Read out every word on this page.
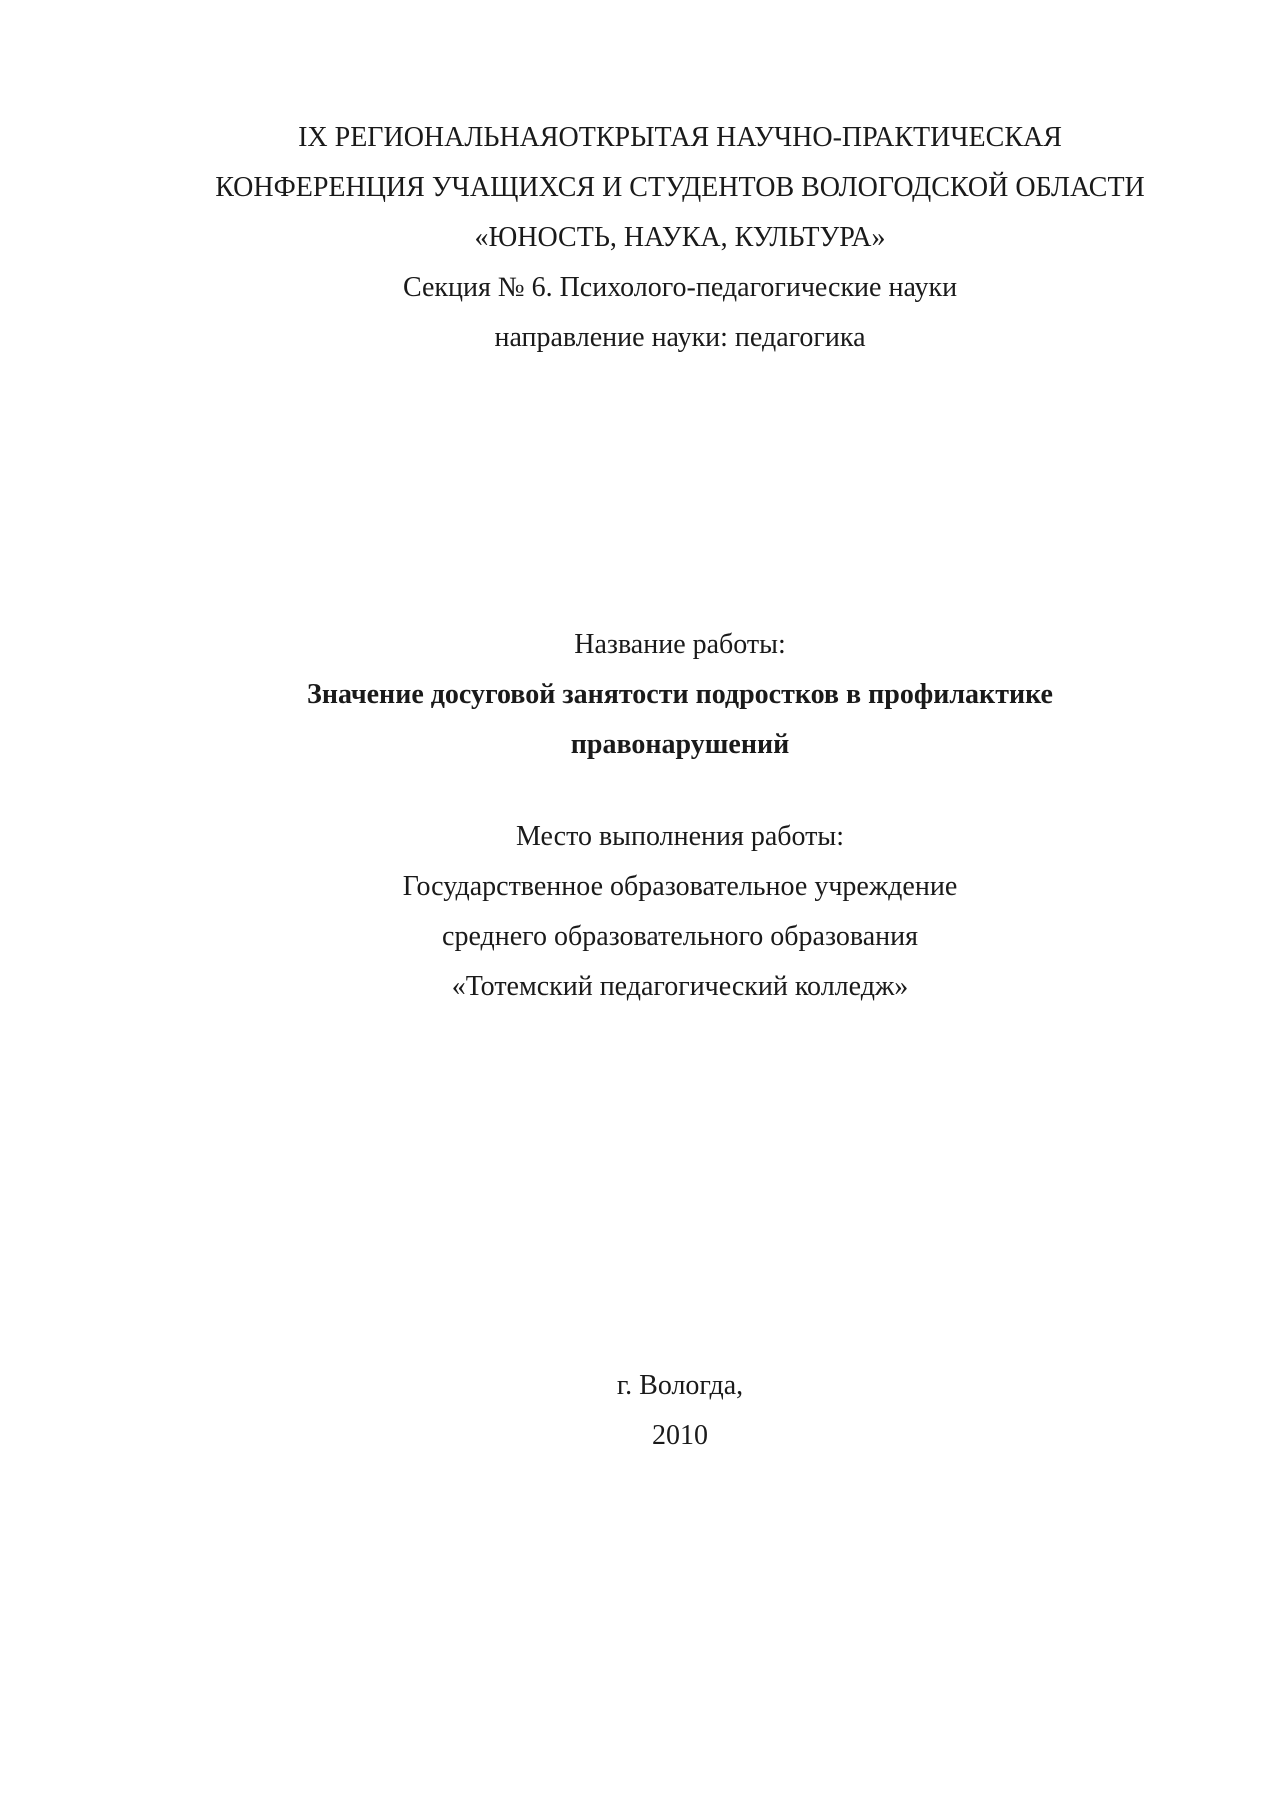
IX РЕГИОНАЛЬНАЯОТКРЫТАЯ НАУЧНО-ПРАКТИЧЕСКАЯ
КОНФЕРЕНЦИЯ УЧАЩИХСЯ И СТУДЕНТОВ ВОЛОГОДСКОЙ ОБЛАСТИ
«ЮНОСТЬ, НАУКА, КУЛЬТУРА»
Секция № 6. Психолого-педагогические науки
направление науки: педагогика
Название работы:
Значение досуговой занятости подростков в профилактике
правонарушений
Место выполнения работы:
Государственное образовательное учреждение
среднего образовательного образования
«Тотемский педагогический колледж»
г. Вологда,
2010
